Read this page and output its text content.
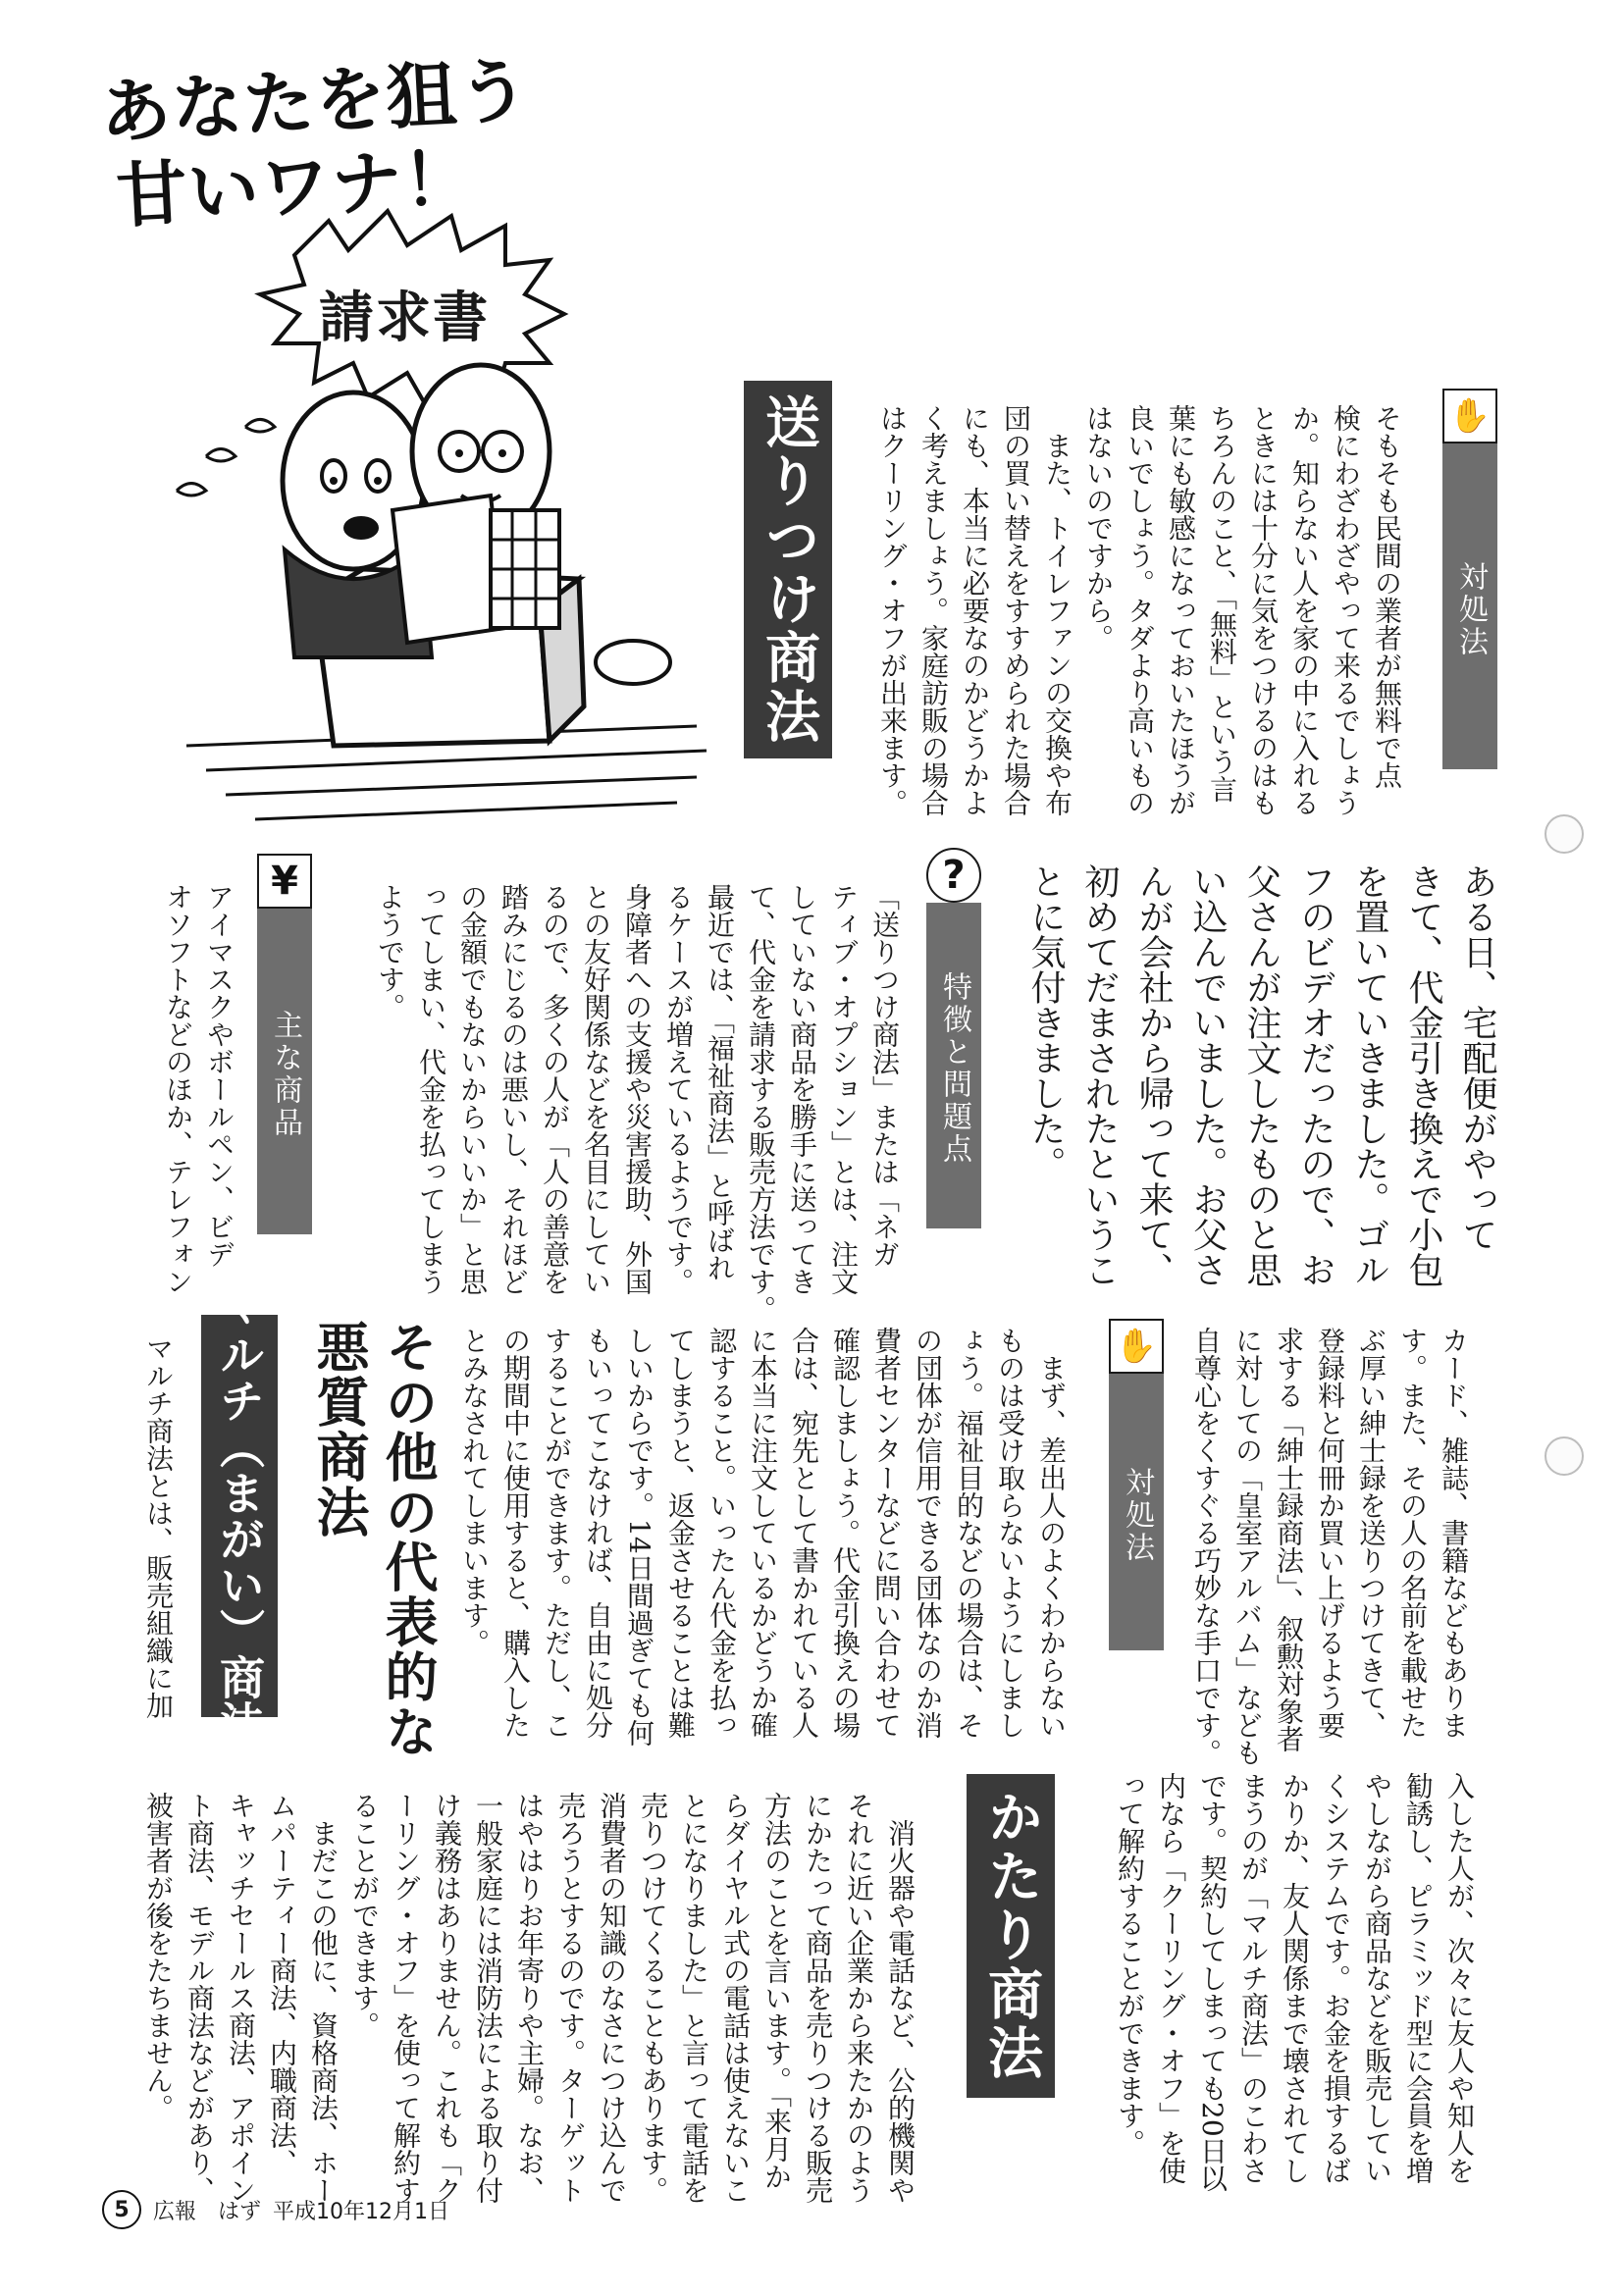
あなたを狙う
甘いワナ！
請求書
送りつけ商法	✋
対処法
そもそも民間の業者が無料で点
検にわざわざやって来るでしょう
か。知らない人を家の中に入れる
ときには十分に気をつけるのはも
ちろんのこと、「無料」という言
葉にも敏感になっておいたほうが
良いでしょう。タダより高いもの
はないのですから。
　また、トイレファンの交換や布
団の買い替えをすすめられた場合
にも、本当に必要なのかどうかよ
く考えましょう。家庭訪販の場合
はクーリング・オフが出来ます。
ある日、宅配便がやって
きて、代金引き換えで小包
を置いていきました。ゴル
フのビデオだったので、お
父さんが注文したものと思
い込んでいました。お父さ
んが会社から帰って来て、
初めてだまされたというこ
とに気付きました。
?
特徴と問題点
「送りつけ商法」または「ネガ
ティブ・オプション」とは、注文
していない商品を勝手に送ってき
て、代金を請求する販売方法です。
最近では、「福祉商法」と呼ばれ
るケースが増えているようです。
身障者への支援や災害援助、外国
との友好関係などを名目にしてい
るので、多くの人が「人の善意を
踏みにじるのは悪いし、それほど
の金額でもないからいいか」と思
ってしまい、代金を払ってしまう
ようです。
¥
主な商品
アイマスクやボールペン、ビデ
オソフトなどのほか、テレフォン
カード、雑誌、書籍などもありま
す。また、その人の名前を載せた
ぶ厚い紳士録を送りつけてきて、
登録料と何冊か買い上げるよう要
求する「紳士録商法」、叙勲対象者
に対しての「皇室アルバム」なども
自尊心をくすぐる巧妙な手口です。
✋
対処法
　まず、差出人のよくわからない
ものは受け取らないようにしまし
ょう。福祉目的などの場合は、そ
の団体が信用できる団体なのか消
費者センターなどに問い合わせて
確認しましょう。代金引換えの場
合は、宛先として書かれている人
に本当に注文しているかどうか確
認すること。いったん代金を払っ
てしまうと、返金させることは難
しいからです。14日間過ぎても何
もいってこなければ、自由に処分
することができます。ただし、こ
の期間中に使用すると、購入した
とみなされてしまいます。
その他の代表的な
悪質商法
マルチ（まがい）商法
マルチ商法とは、販売組織に加
入した人が、次々に友人や知人を
勧誘し、ピラミッド型に会員を増
やしながら商品などを販売してい
くシステムです。お金を損するば
かりか、友人関係まで壊されてし
まうのが「マルチ商法」のこわさ
です。契約してしまっても20日以
内なら「クーリング・オフ」を使
って解約することができます。
かたり商法
　消火器や電話など、公的機関や
それに近い企業から来たかのよう
にかたって商品を売りつける販売
方法のことを言います。「来月か
らダイヤル式の電話は使えないこ
とになりました」と言って電話を
売りつけてくることもあります。
消費者の知識のなさにつけ込んで
売ろうとするのです。ターゲット
はやはりお年寄りや主婦。なお、
一般家庭には消防法による取り付
け義務はありません。これも「ク
ーリング・オフ」を使って解約す
ることができます。
　まだこの他に、資格商法、ホー
ムパーティー商法、内職商法、
キャッチセールス商法、アポイン
ト商法、モデル商法などがあり、
被害者が後をたちません。
5	広報　はず 平成10年12月1日
